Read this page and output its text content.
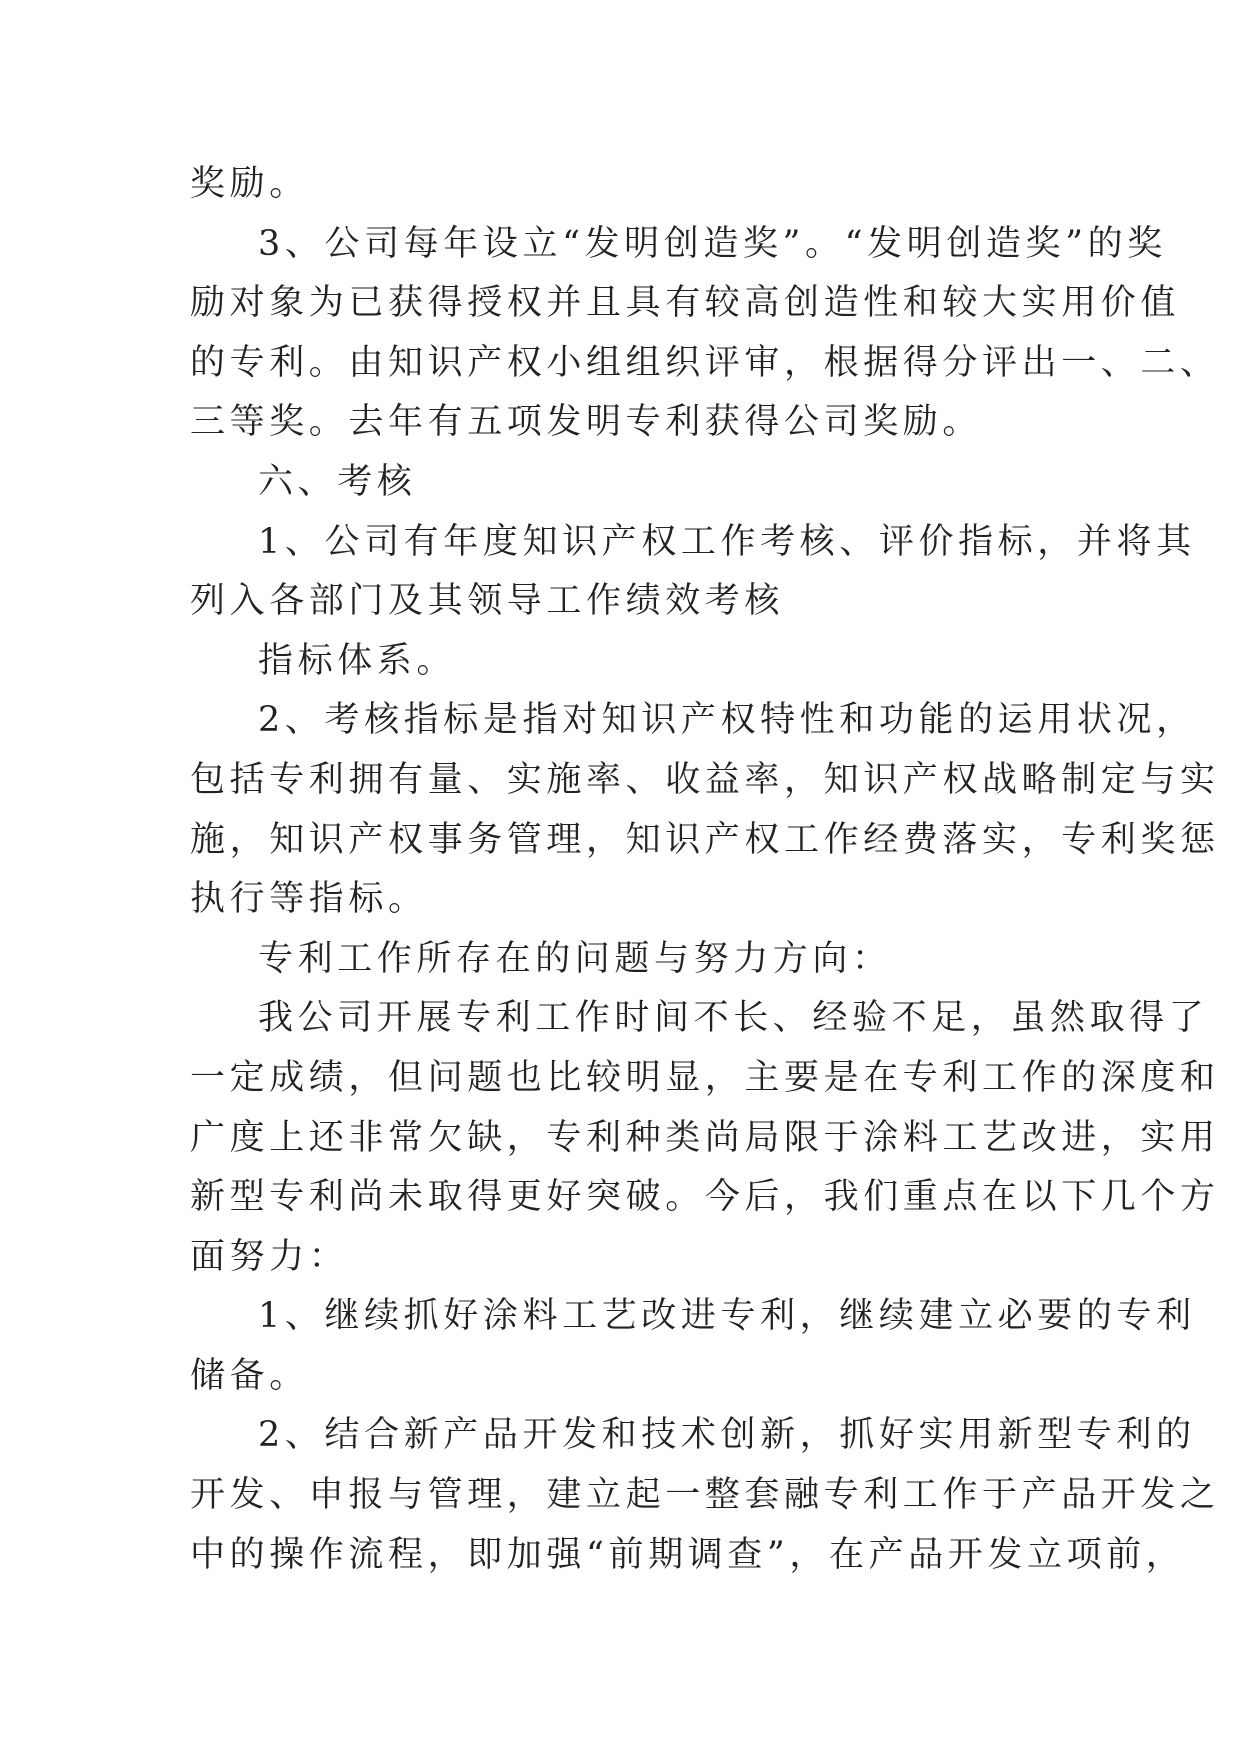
奖励。
3、公司每年设立“发明创造奖”。“发明创造奖”的奖
励对象为已获得授权并且具有较高创造性和较大实用价值
的专利。由知识产权小组组织评审，根据得分评出一、二、
三等奖。去年有五项发明专利获得公司奖励。
六、考核
1、公司有年度知识产权工作考核、评价指标，并将其
列入各部门及其领导工作绩效考核
指标体系。
2、考核指标是指对知识产权特性和功能的运用状况，
包括专利拥有量、实施率、收益率，知识产权战略制定与实
施，知识产权事务管理，知识产权工作经费落实，专利奖惩
执行等指标。
专利工作所存在的问题与努力方向：
我公司开展专利工作时间不长、经验不足，虽然取得了
一定成绩，但问题也比较明显，主要是在专利工作的深度和
广度上还非常欠缺，专利种类尚局限于涂料工艺改进，实用
新型专利尚未取得更好突破。今后，我们重点在以下几个方
面努力：
1、继续抓好涂料工艺改进专利，继续建立必要的专利
储备。
2、结合新产品开发和技术创新，抓好实用新型专利的
开发、申报与管理，建立起一整套融专利工作于产品开发之
中的操作流程，即加强“前期调查”，在产品开发立项前，
